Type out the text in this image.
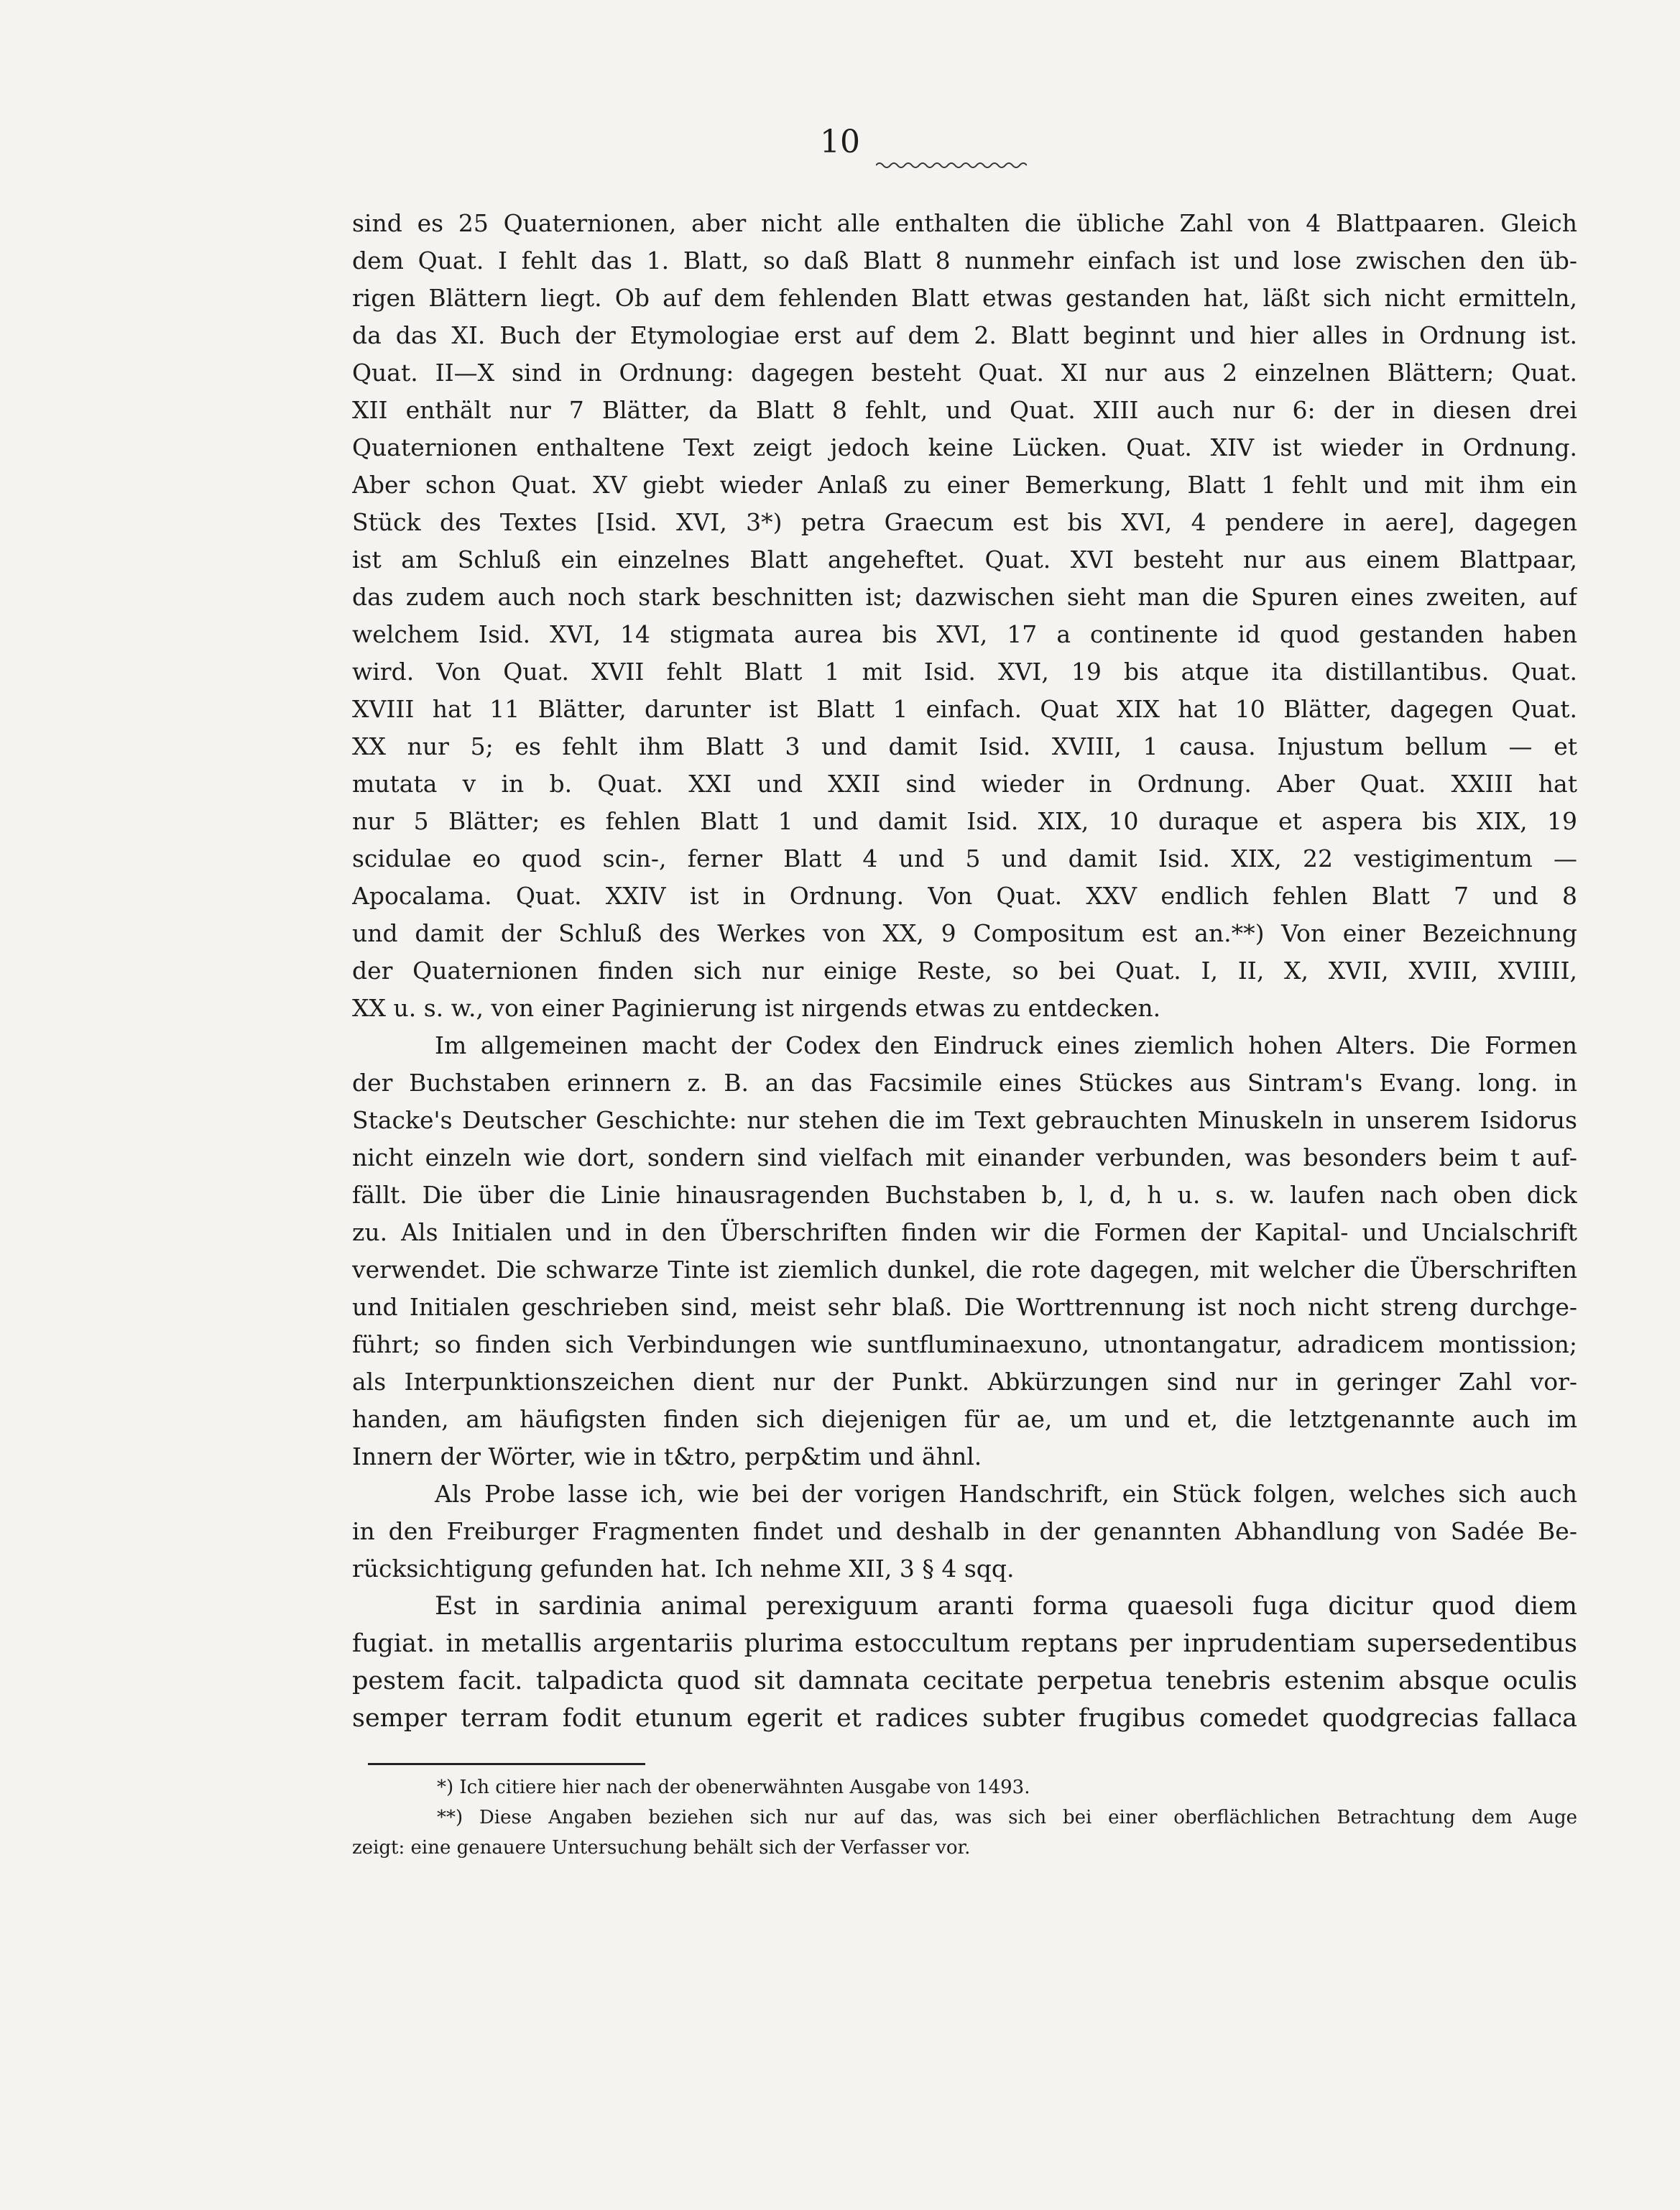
10
sind es 25 Quaternionen, aber nicht alle enthalten die übliche Zahl von 4 Blattpaaren. Gleich
dem Quat. I fehlt das 1. Blatt, so daß Blatt 8 nunmehr einfach ist und lose zwischen den üb-
rigen Blättern liegt. Ob auf dem fehlenden Blatt etwas gestanden hat, läßt sich nicht ermitteln,
da das XI. Buch der Etymologiae erst auf dem 2. Blatt beginnt und hier alles in Ordnung ist.
Quat. II—X sind in Ordnung: dagegen besteht Quat. XI nur aus 2 einzelnen Blättern; Quat.
XII enthält nur 7 Blätter, da Blatt 8 fehlt, und Quat. XIII auch nur 6: der in diesen drei
Quaternionen enthaltene Text zeigt jedoch keine Lücken. Quat. XIV ist wieder in Ordnung.
Aber schon Quat. XV giebt wieder Anlaß zu einer Bemerkung, Blatt 1 fehlt und mit ihm ein
Stück des Textes [Isid. XVI, 3*) petra Graecum est bis XVI, 4 pendere in aere], dagegen
ist am Schluß ein einzelnes Blatt angeheftet. Quat. XVI besteht nur aus einem Blattpaar,
das zudem auch noch stark beschnitten ist; dazwischen sieht man die Spuren eines zweiten, auf
welchem Isid. XVI, 14 stigmata aurea bis XVI, 17 a continente id quod gestanden haben
wird. Von Quat. XVII fehlt Blatt 1 mit Isid. XVI, 19 bis atque ita distillantibus. Quat.
XVIII hat 11 Blätter, darunter ist Blatt 1 einfach. Quat XIX hat 10 Blätter, dagegen Quat.
XX nur 5; es fehlt ihm Blatt 3 und damit Isid. XVIII, 1 causa. Injustum bellum — et
mutata v in b. Quat. XXI und XXII sind wieder in Ordnung. Aber Quat. XXIII hat
nur 5 Blätter; es fehlen Blatt 1 und damit Isid. XIX, 10 duraque et aspera bis XIX, 19
scidulae eo quod scin-, ferner Blatt 4 und 5 und damit Isid. XIX, 22 vestigimentum —
Apocalama. Quat. XXIV ist in Ordnung. Von Quat. XXV endlich fehlen Blatt 7 und 8
und damit der Schluß des Werkes von XX, 9 Compositum est an.**) Von einer Bezeichnung
der Quaternionen finden sich nur einige Reste, so bei Quat. I, II, X, XVII, XVIII, XVIIII,
XX u. s. w., von einer Paginierung ist nirgends etwas zu entdecken.
Im allgemeinen macht der Codex den Eindruck eines ziemlich hohen Alters. Die Formen
der Buchstaben erinnern z. B. an das Facsimile eines Stückes aus Sintram's Evang. long. in
Stacke's Deutscher Geschichte: nur stehen die im Text gebrauchten Minuskeln in unserem Isidorus
nicht einzeln wie dort, sondern sind vielfach mit einander verbunden, was besonders beim t auf-
fällt. Die über die Linie hinausragenden Buchstaben b, l, d, h u. s. w. laufen nach oben dick
zu. Als Initialen und in den Überschriften finden wir die Formen der Kapital- und Uncialschrift
verwendet. Die schwarze Tinte ist ziemlich dunkel, die rote dagegen, mit welcher die Überschriften
und Initialen geschrieben sind, meist sehr blaß. Die Worttrennung ist noch nicht streng durchge-
führt; so finden sich Verbindungen wie suntfluminaexuno, utnontangatur, adradicem montission;
als Interpunktionszeichen dient nur der Punkt. Abkürzungen sind nur in geringer Zahl vor-
handen, am häufigsten finden sich diejenigen für ae, um und et, die letztgenannte auch im
Innern der Wörter, wie in t&tro, perp&tim und ähnl.
Als Probe lasse ich, wie bei der vorigen Handschrift, ein Stück folgen, welches sich auch
in den Freiburger Fragmenten findet und deshalb in der genannten Abhandlung von Sadée Be-
rücksichtigung gefunden hat. Ich nehme XII, 3 § 4 sqq.
Est in sardinia animal perexiguum aranti forma quaesoli fuga dicitur quod diem
fugiat. in metallis argentariis plurima estoccultum reptans per inprudentiam supersedentibus
pestem facit. talpadicta quod sit damnata cecitate perpetua tenebris estenim absque oculis
semper terram fodit etunum egerit et radices subter frugibus comedet quodgrecias fallaca
*) Ich citiere hier nach der obenerwähnten Ausgabe von 1493.
**) Diese Angaben beziehen sich nur auf das, was sich bei einer oberflächlichen Betrachtung dem Auge
zeigt: eine genauere Untersuchung behält sich der Verfasser vor.
